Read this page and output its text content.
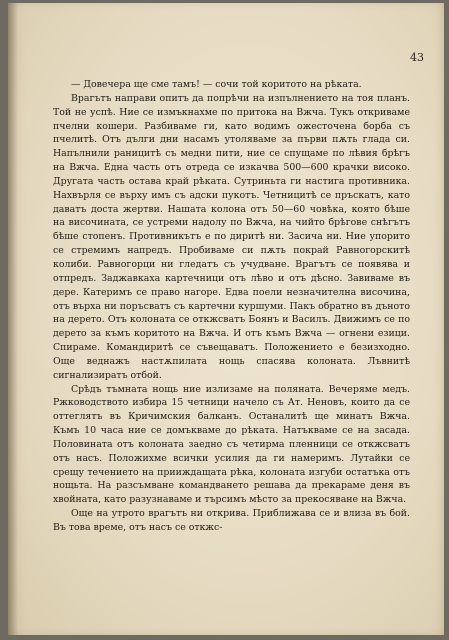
43

— Довечера ще сме тамъ! — сочи той коритото на рѣката.

Врагътъ направи опитъ да попрѣчи на изпълнението на тоя планъ. Той не успѣ. Ние се измъкнахме по притока на Вжча. Тукъ откриваме пчелни кошери. Разбиваме ги, като водимъ ожесточена борба съ пчелитѣ. Отъ дълги дни насамъ утоляваме за първи пѫть глада си. Напълнили раницитѣ съ медни пити, ние се спущаме по лѣвия брѣгъ на Вжча. Една часть отъ отреда се изкачва 500—600 крачки високо. Другата часть остава край рѣката. Сутриньта ги настига противника. Нахвърля се върху имъ съ адски пукотъ. Четницитѣ се пръскатъ, като даватъ доста жертви. Нашата колона отъ 50—60 човѣка, която бѣше на височината, се устреми надолу по Вжча, на чийто брѣгове снѣгътъ бѣше стопенъ. Противникътъ е по диритѣ ни. Засича ни. Ние упорито се стремимъ напредъ. Пробиваме си пѫть покрай Равногорскитѣ колиби. Равногорци ни гледатъ съ учудване. Врагътъ се появява и отпредъ. Заджавкаха картечници отъ лѣво и отъ дѣсно. Завиваме въ дере. Катеримъ се право нагоре. Едва поели незначителна височина, отъ върха ни поръсватъ съ картечни куршуми. Пакъ обратно въ дъното на дерето. Отъ колоната се откжсватъ Боянъ и Василъ. Движимъ се по дерето за къмъ коритото на Вжча. И отъ къмъ Вжча — огнени езици. Спираме. Командиритѣ се съвещаватъ. Положението е безизходно. Още веднажъ настѫпилата нощь спасява колоната. Лъвнитѣ сигнализиратъ отбой.

Срѣдъ тъмната нощь ние излизаме на поляната. Вечеряме медъ. Ржководството избира 15 четници начело съ Ат. Неновъ, които да се оттеглятъ въ Кричимския балканъ. Останалитѣ ще минатъ Вжча. Къмъ 10 часа ние се домъкваме до рѣката. Натъкваме се на засада. Половината отъ колоната заедно съ четирма пленници се откжсватъ отъ насъ. Положихме всички усилия да ги намеримъ. Лутайки се срещу течението на прииждащата рѣка, колоната изгуби остатъка отъ нощьта. На разсъмване командването решава да прекараме деня въ хвойната, като разузнаваме и търсимъ мѣсто за прекосяване на Вжча.

Още на утрото врагътъ ни открива. Приближава се и влиза въ бой. Въ това време, отъ насъ се откжс-
